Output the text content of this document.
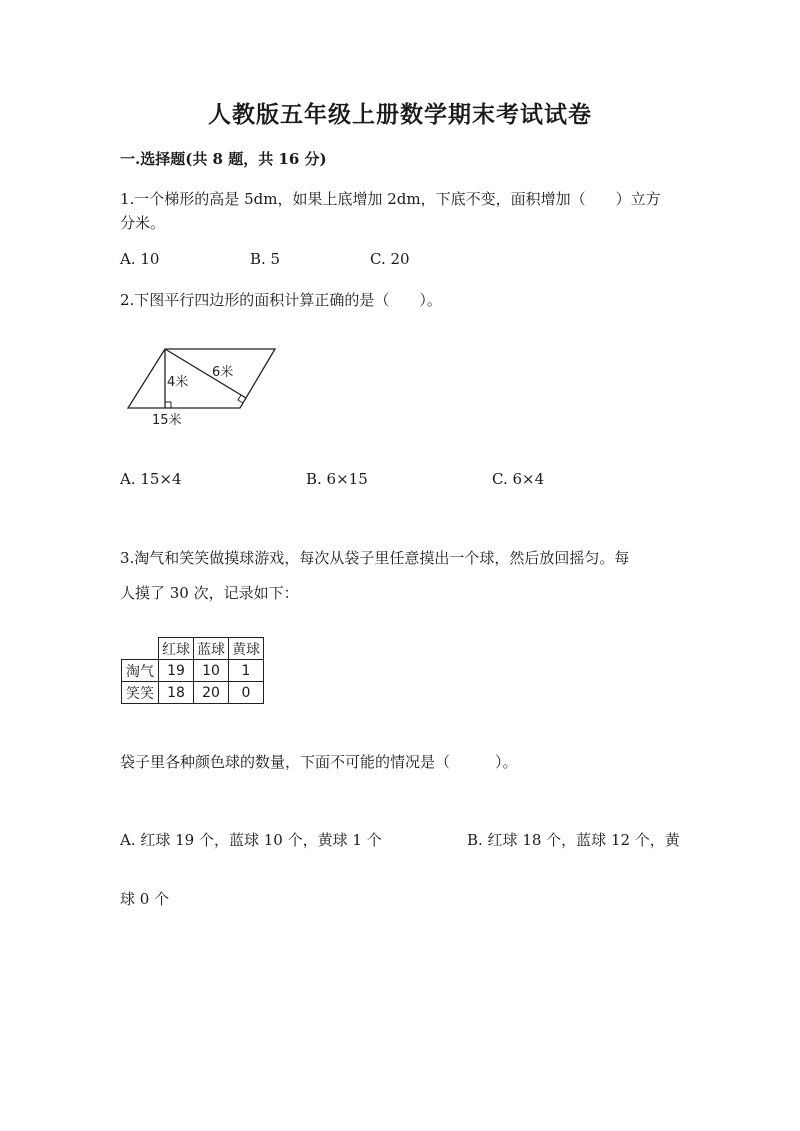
人教版五年级上册数学期末考试试卷
一.选择题(共 8 题，共 16 分)
1.一个梯形的高是 5dm，如果上底增加 2dm，下底不变，面积增加（　　）立方
分米。
A. 10	B. 5	C. 20
2.下图平行四边形的面积计算正确的是（　　）。
4米
6米
15米
A. 15×4	B. 6×15	C. 6×4
3.淘气和笑笑做摸球游戏，每次从袋子里任意摸出一个球，然后放回摇匀。每
人摸了 30 次，记录如下：
	红球	蓝球	黄球
淘气	19	10	1
笑笑	18	20	0
袋子里各种颜色球的数量，下面不可能的情况是（　　　）。
A. 红球 19 个，蓝球 10 个，黄球 1 个	B. 红球 18 个，蓝球 12 个，黄
球 0 个
